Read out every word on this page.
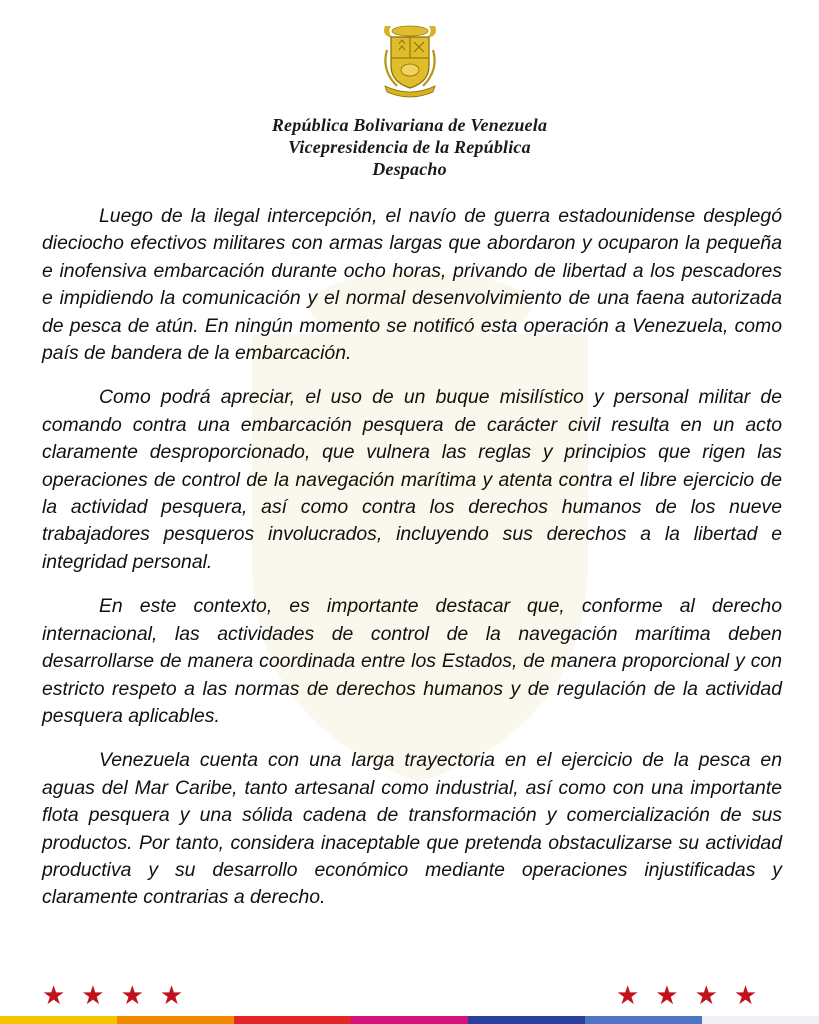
República Bolivariana de Venezuela
Vicepresidencia de la República
Despacho

Luego de la ilegal intercepción, el navío de guerra estadounidense desplegó dieciocho efectivos militares con armas largas que abordaron y ocuparon la pequeña e inofensiva embarcación durante ocho horas, privando de libertad a los pescadores e impidiendo la comunicación y el normal desenvolvimiento de una faena autorizada de pesca de atún. En ningún momento se notificó esta operación a Venezuela, como país de bandera de la embarcación.

Como podrá apreciar, el uso de un buque misilístico y personal militar de comando contra una embarcación pesquera de carácter civil resulta en un acto claramente desproporcionado, que vulnera las reglas y principios que rigen las operaciones de control de la navegación marítima y atenta contra el libre ejercicio de la actividad pesquera, así como contra los derechos humanos de los nueve trabajadores pesqueros involucrados, incluyendo sus derechos a la libertad e integridad personal.

En este contexto, es importante destacar que, conforme al derecho internacional, las actividades de control de la navegación marítima deben desarrollarse de manera coordinada entre los Estados, de manera proporcional y con estricto respeto a las normas de derechos humanos y de regulación de la actividad pesquera aplicables.

Venezuela cuenta con una larga trayectoria en el ejercicio de la pesca en aguas del Mar Caribe, tanto artesanal como industrial, así como con una importante flota pesquera y una sólida cadena de transformación y comercialización de sus productos. Por tanto, considera inaceptable que pretenda obstaculizarse su actividad productiva y su desarrollo económico mediante operaciones injustificadas y claramente contrarias a derecho.

★★★★	★★★★
